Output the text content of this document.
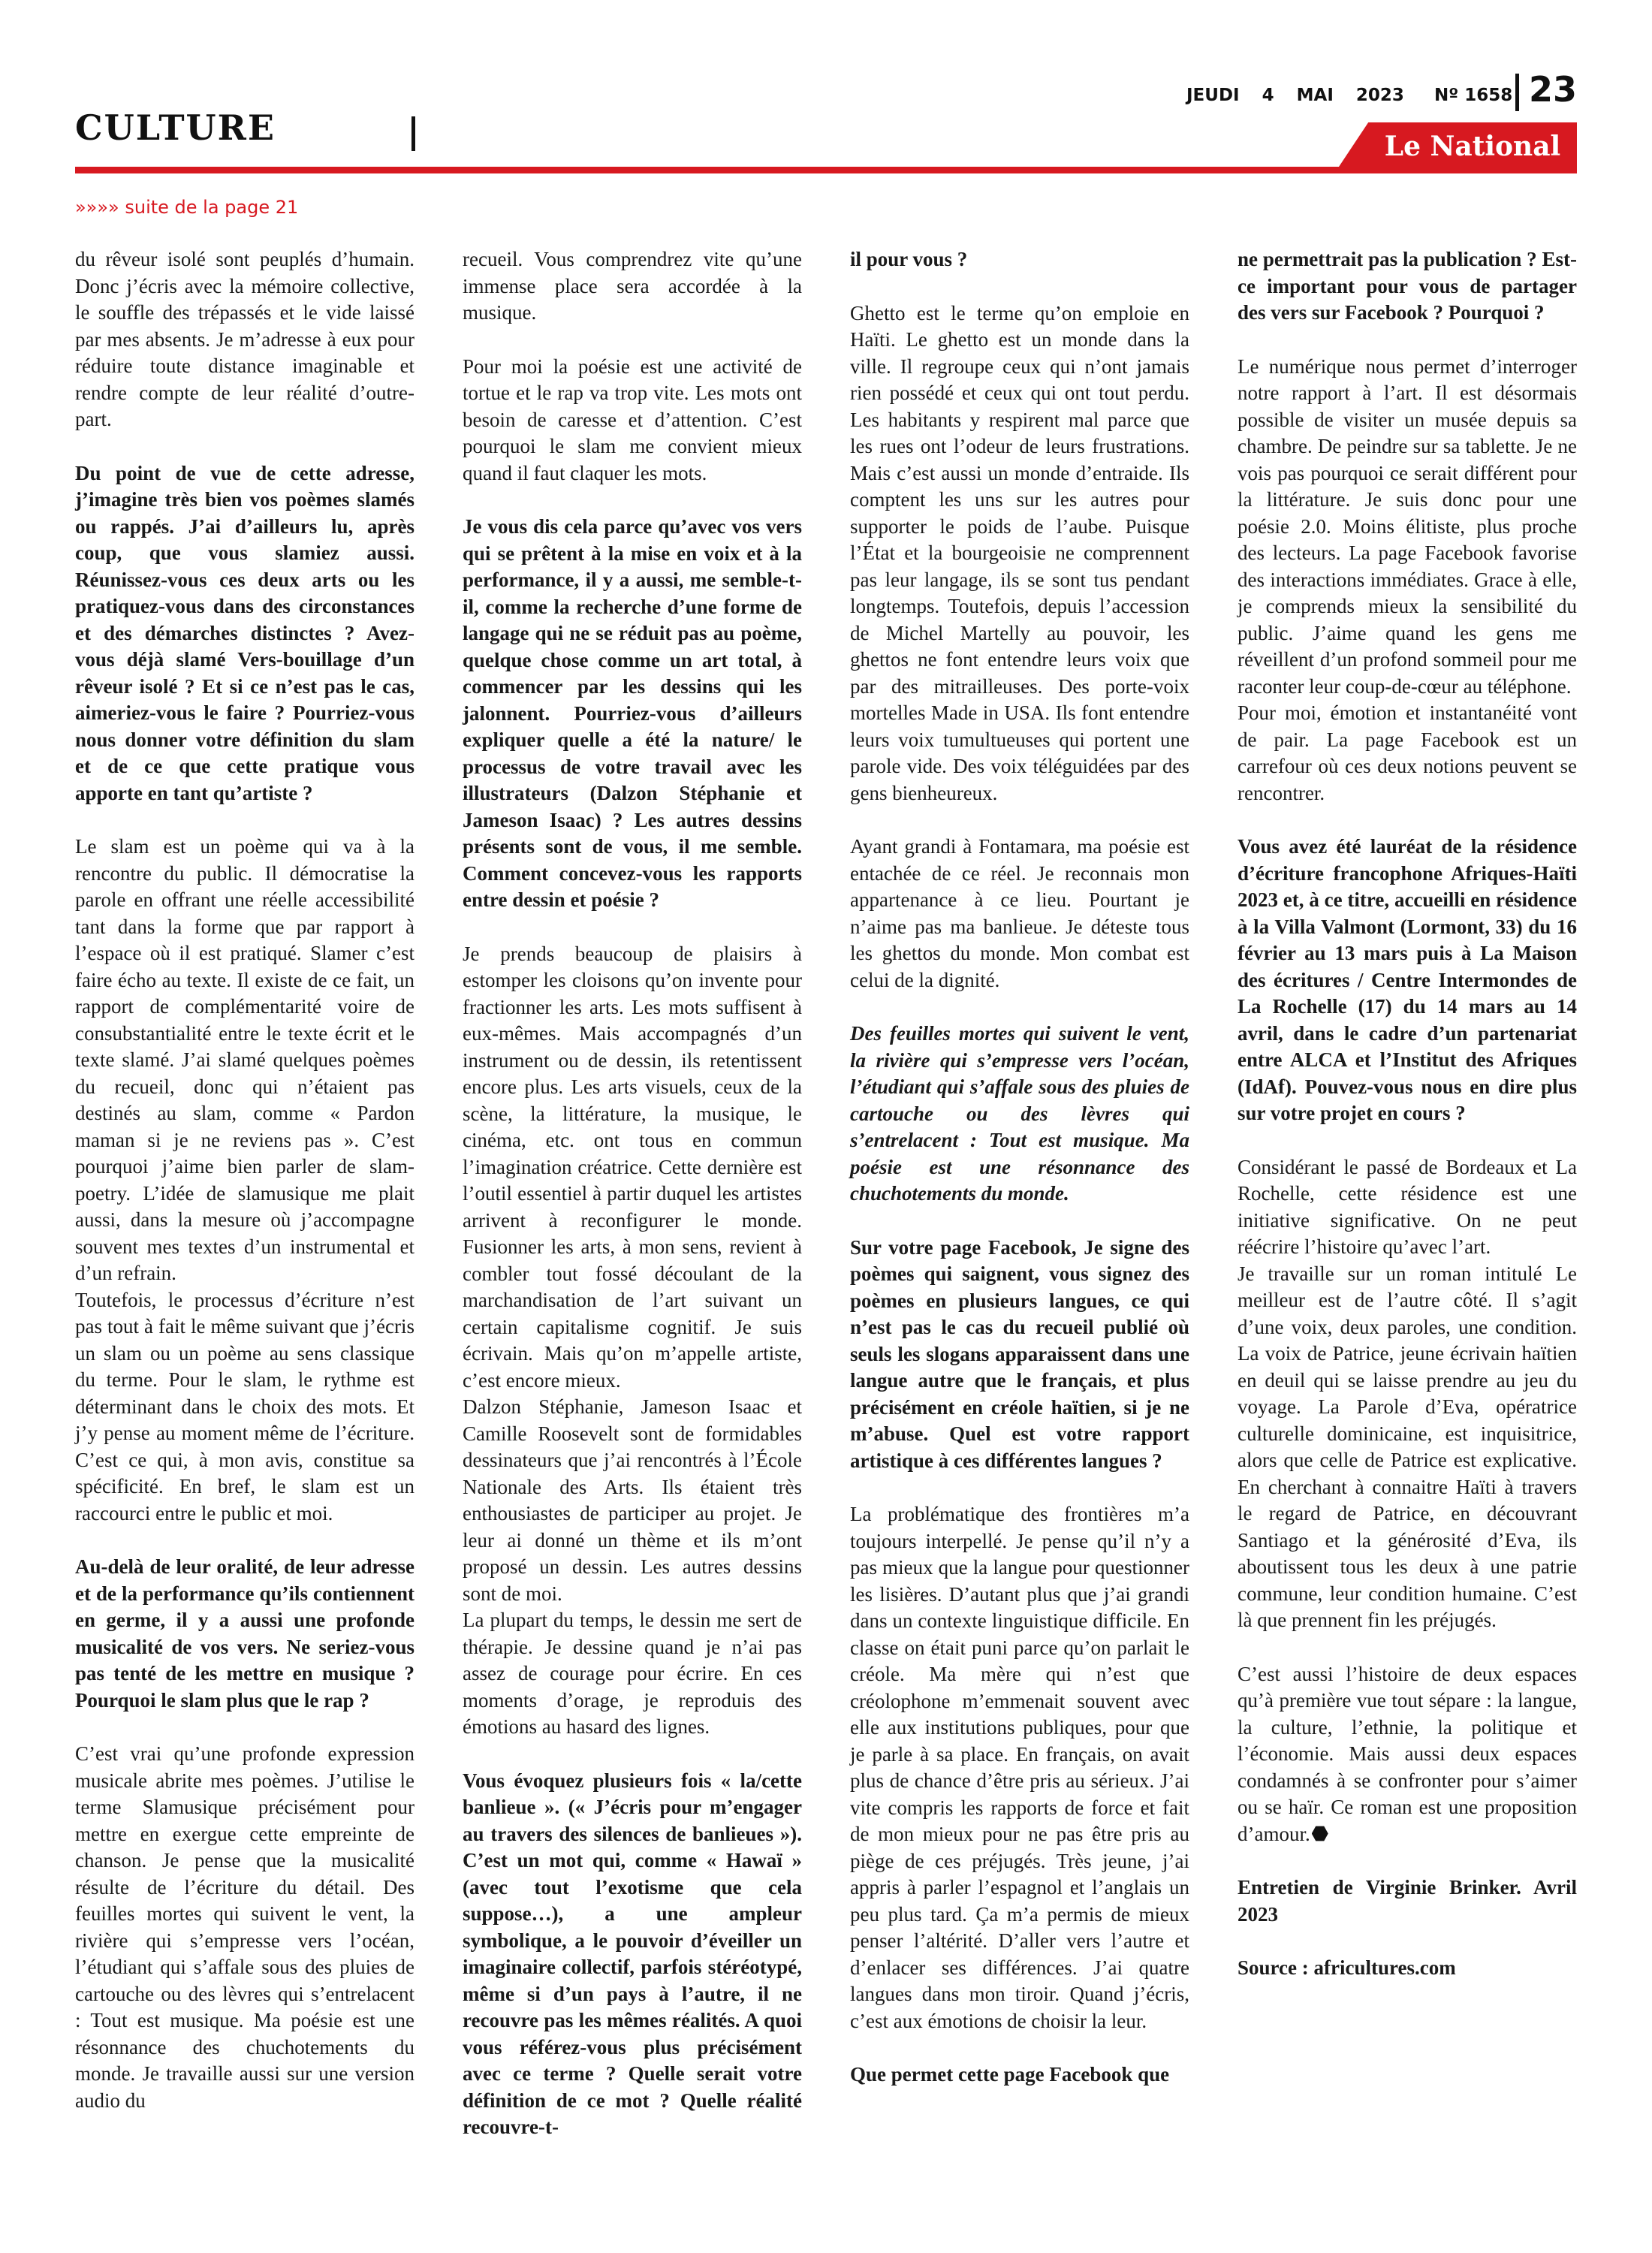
CULTURE
JEUDI 4 MAI 2023	Nº 1658 23
Le National
»»»» suite de la page 21

du rêveur isolé sont peuplés d’humain. Donc j’écris avec la mémoire collective, le souffle des trépassés et le vide laissé par mes absents. Je m’adresse à eux pour réduire toute distance imaginable et rendre compte de leur réalité d’outre-part.

Du point de vue de cette adresse, j’imagine très bien vos poèmes slamés ou rappés. J’ai d’ailleurs lu, après coup, que vous slamiez aussi. Réunissez-vous ces deux arts ou les pratiquez-vous dans des circonstances et des démarches distinctes ? Avez-vous déjà slamé Vers-bouillage d’un rêveur isolé ? Et si ce n’est pas le cas, aimeriez-vous le faire ? Pourriez-vous nous donner votre définition du slam et de ce que cette pratique vous apporte en tant qu’artiste ?

Le slam est un poème qui va à la rencontre du public. Il démocratise la parole en offrant une réelle accessibilité tant dans la forme que par rapport à l’espace où il est pratiqué. Slamer c’est faire écho au texte. Il existe de ce fait, un rapport de complémentarité voire de consubstantialité entre le texte écrit et le texte slamé. J’ai slamé quelques poèmes du recueil, donc qui n’étaient pas destinés au slam, comme « Pardon maman si je ne reviens pas ». C’est pourquoi j’aime bien parler de slam-poetry. L’idée de slamusique me plait aussi, dans la mesure où j’accompagne souvent mes textes d’un instrumental et d’un refrain.

Toutefois, le processus d’écriture n’est pas tout à fait le même suivant que j’écris un slam ou un poème au sens classique du terme. Pour le slam, le rythme est déterminant dans le choix des mots. Et j’y pense au moment même de l’écriture. C’est ce qui, à mon avis, constitue sa spécificité. En bref, le slam est un raccourci entre le public et moi.

Au-delà de leur oralité, de leur adresse et de la performance qu’ils contiennent en germe, il y a aussi une profonde musicalité de vos vers. Ne seriez-vous pas tenté de les mettre en musique ? Pourquoi le slam plus que le rap ?

C’est vrai qu’une profonde expression musicale abrite mes poèmes. J’utilise le terme Slamusique précisément pour mettre en exergue cette empreinte de chanson. Je pense que la musicalité résulte de l’écriture du détail. Des feuilles mortes qui suivent le vent, la rivière qui s’empresse vers l’océan, l’étudiant qui s’affale sous des pluies de cartouche ou des lèvres qui s’entrelacent : Tout est musique. Ma poésie est une résonnance des chuchotements du monde. Je travaille aussi sur une version audio du

recueil. Vous comprendrez vite qu’une immense place sera accordée à la musique.

Pour moi la poésie est une activité de tortue et le rap va trop vite. Les mots ont besoin de caresse et d’attention. C’est pourquoi le slam me convient mieux quand il faut claquer les mots.

Je vous dis cela parce qu’avec vos vers qui se prêtent à la mise en voix et à la performance, il y a aussi, me semble-t-il, comme la recherche d’une forme de langage qui ne se réduit pas au poème, quelque chose comme un art total, à commencer par les dessins qui les jalonnent. Pourriez-vous d’ailleurs expliquer quelle a été la nature/ le processus de votre travail avec les illustrateurs (Dalzon Stéphanie et Jameson Isaac) ? Les autres dessins présents sont de vous, il me semble. Comment concevez-vous les rapports entre dessin et poésie ?

Je prends beaucoup de plaisirs à estomper les cloisons qu’on invente pour fractionner les arts. Les mots suffisent à eux-mêmes. Mais accompagnés d’un instrument ou de dessin, ils retentissent encore plus. Les arts visuels, ceux de la scène, la littérature, la musique, le cinéma, etc. ont tous en commun l’imagination créatrice. Cette dernière est l’outil essentiel à partir duquel les artistes arrivent à reconfigurer le monde. Fusionner les arts, à mon sens, revient à combler tout fossé découlant de la marchandisation de l’art suivant un certain capitalisme cognitif. Je suis écrivain. Mais qu’on m’appelle artiste, c’est encore mieux.

Dalzon Stéphanie, Jameson Isaac et Camille Roosevelt sont de formidables dessinateurs que j’ai rencontrés à l’École Nationale des Arts. Ils étaient très enthousiastes de participer au projet. Je leur ai donné un thème et ils m’ont proposé un dessin. Les autres dessins sont de moi.

La plupart du temps, le dessin me sert de thérapie. Je dessine quand je n’ai pas assez de courage pour écrire. En ces moments d’orage, je reproduis des émotions au hasard des lignes.

Vous évoquez plusieurs fois « la/cette banlieue ». (« J’écris pour m’engager au travers des silences de banlieues »). C’est un mot qui, comme « Hawaï » (avec tout l’exotisme que cela suppose…), a une ampleur symbolique, a le pouvoir d’éveiller un imaginaire collectif, parfois stéréotypé, même si d’un pays à l’autre, il ne recouvre pas les mêmes réalités. A quoi vous référez-vous plus précisément avec ce terme ? Quelle serait votre définition de ce mot ? Quelle réalité recouvre-t-

il pour vous ?

Ghetto est le terme qu’on emploie en Haïti. Le ghetto est un monde dans la ville. Il regroupe ceux qui n’ont jamais rien possédé et ceux qui ont tout perdu. Les habitants y respirent mal parce que les rues ont l’odeur de leurs frustrations. Mais c’est aussi un monde d’entraide. Ils comptent les uns sur les autres pour supporter le poids de l’aube. Puisque l’État et la bourgeoisie ne comprennent pas leur langage, ils se sont tus pendant longtemps. Toutefois, depuis l’accession de Michel Martelly au pouvoir, les ghettos ne font entendre leurs voix que par des mitrailleuses. Des porte-voix mortelles Made in USA. Ils font entendre leurs voix tumultueuses qui portent une parole vide. Des voix téléguidées par des gens bienheureux.

Ayant grandi à Fontamara, ma poésie est entachée de ce réel. Je reconnais mon appartenance à ce lieu. Pourtant je n’aime pas ma banlieue. Je déteste tous les ghettos du monde. Mon combat est celui de la dignité.

Des feuilles mortes qui suivent le vent, la rivière qui s’empresse vers l’océan, l’étudiant qui s’affale sous des pluies de cartouche ou des lèvres qui s’entrelacent : Tout est musique. Ma poésie est une résonnance des chuchotements du monde.

Sur votre page Facebook, Je signe des poèmes qui saignent, vous signez des poèmes en plusieurs langues, ce qui n’est pas le cas du recueil publié où seuls les slogans apparaissent dans une langue autre que le français, et plus précisément en créole haïtien, si je ne m’abuse. Quel est votre rapport artistique à ces différentes langues ?

La problématique des frontières m’a toujours interpellé. Je pense qu’il n’y a pas mieux que la langue pour questionner les lisières. D’autant plus que j’ai grandi dans un contexte linguistique difficile. En classe on était puni parce qu’on parlait le créole. Ma mère qui n’est que créolophone m’emmenait souvent avec elle aux institutions publiques, pour que je parle à sa place. En français, on avait plus de chance d’être pris au sérieux. J’ai vite compris les rapports de force et fait de mon mieux pour ne pas être pris au piège de ces préjugés. Très jeune, j’ai appris à parler l’espagnol et l’anglais un peu plus tard. Ça m’a permis de mieux penser l’altérité. D’aller vers l’autre et d’enlacer ses différences. J’ai quatre langues dans mon tiroir. Quand j’écris, c’est aux émotions de choisir la leur.

Que permet cette page Facebook que

ne permettrait pas la publication ? Est-ce important pour vous de partager des vers sur Facebook ? Pourquoi ?

Le numérique nous permet d’interroger notre rapport à l’art. Il est désormais possible de visiter un musée depuis sa chambre. De peindre sur sa tablette. Je ne vois pas pourquoi ce serait différent pour la littérature. Je suis donc pour une poésie 2.0. Moins élitiste, plus proche des lecteurs. La page Facebook favorise des interactions immédiates. Grace à elle, je comprends mieux la sensibilité du public. J’aime quand les gens me réveillent d’un profond sommeil pour me raconter leur coup-de-cœur au téléphone.

Pour moi, émotion et instantanéité vont de pair. La page Facebook est un carrefour où ces deux notions peuvent se rencontrer.

Vous avez été lauréat de la résidence d’écriture francophone Afriques-Haïti 2023 et, à ce titre, accueilli en résidence à la Villa Valmont (Lormont, 33) du 16 février au 13 mars puis à La Maison des écritures / Centre Intermondes de La Rochelle (17) du 14 mars au 14 avril, dans le cadre d’un partenariat entre ALCA et l’Institut des Afriques (IdAf). Pouvez-vous nous en dire plus sur votre projet en cours ?

Considérant le passé de Bordeaux et La Rochelle, cette résidence est une initiative significative. On ne peut réécrire l’histoire qu’avec l’art.

Je travaille sur un roman intitulé Le meilleur est de l’autre côté. Il s’agit d’une voix, deux paroles, une condition. La voix de Patrice, jeune écrivain haïtien en deuil qui se laisse prendre au jeu du voyage. La Parole d’Eva, opératrice culturelle dominicaine, est inquisitrice, alors que celle de Patrice est explicative. En cherchant à connaitre Haïti à travers le regard de Patrice, en découvrant Santiago et la générosité d’Eva, ils aboutissent tous les deux à une patrie commune, leur condition humaine. C’est là que prennent fin les préjugés.

C’est aussi l’histoire de deux espaces qu’à première vue tout sépare : la langue, la culture, l’ethnie, la politique et l’économie. Mais aussi deux espaces condamnés à se confronter pour s’aimer ou se haïr. Ce roman est une proposition d’amour.

Entretien de Virginie Brinker. Avril 2023

Source : africultures.com
